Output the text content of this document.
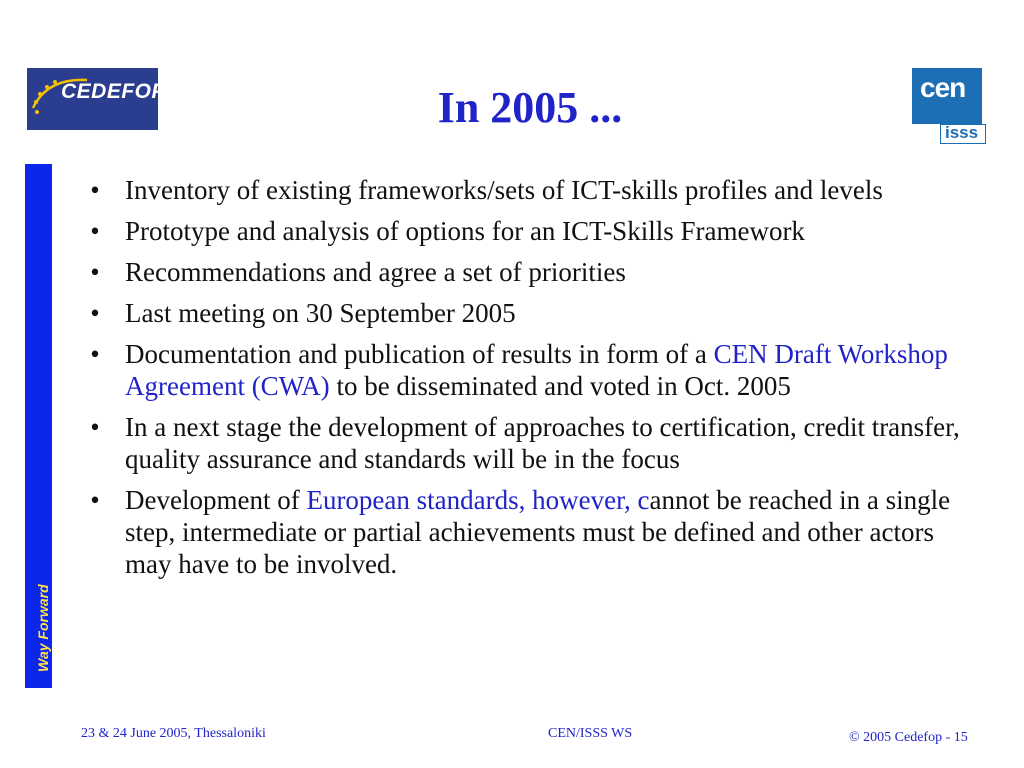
CEDEFOP	In 2005 ...	cen
isss
Way Forward
• Inventory of existing frameworks/sets of ICT-skills profiles and levels
• Prototype and analysis of options for an ICT-Skills Framework
• Recommendations and agree a set of priorities
• Last meeting on 30 September 2005
• Documentation and publication of results in form of a CEN Draft Workshop Agreement (CWA) to be disseminated and voted in Oct. 2005
• In a next stage the development of approaches to certification, credit transfer, quality assurance and standards will be in the focus
• Development of European standards, however, cannot be reached in a single step, intermediate or partial achievements must be defined and other actors may have to be involved.
23 & 24 June 2005, Thessaloniki	CEN/ISSS WS	© 2005 Cedefop - 15
